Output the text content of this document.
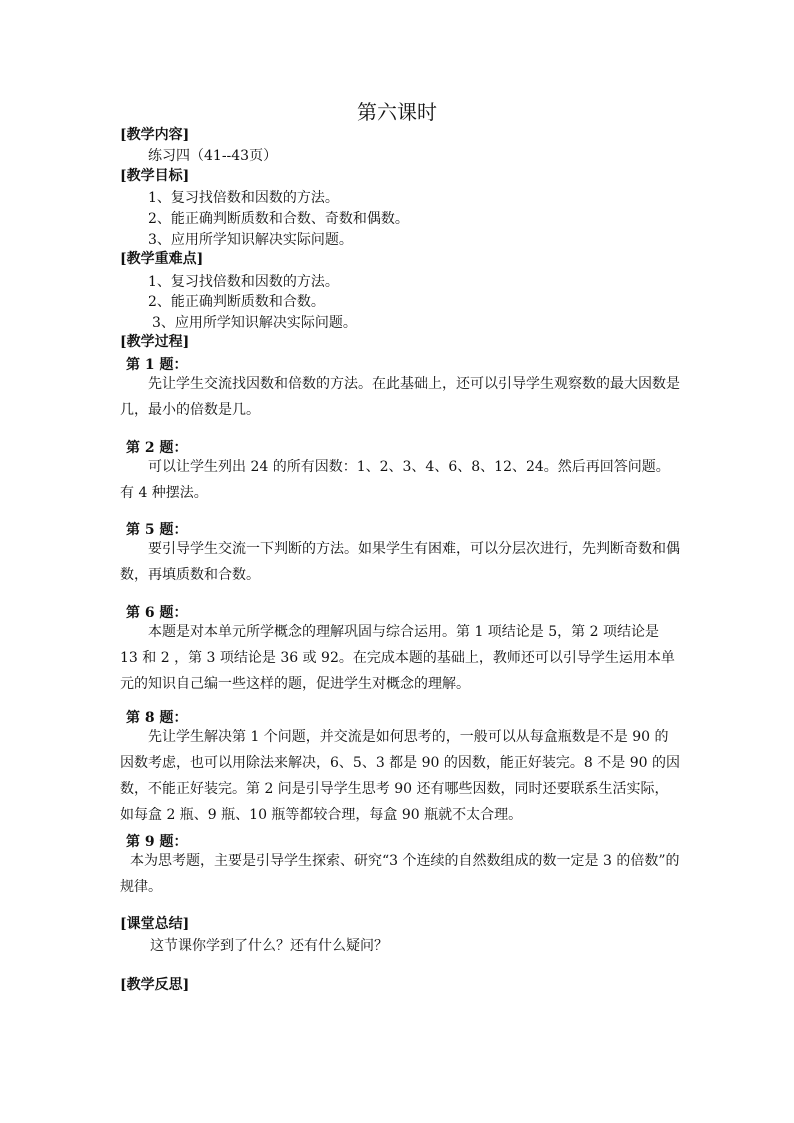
第六课时
[教学内容]
练习四（41--43页）
[教学目标]
1、复习找倍数和因数的方法。
2、能正确判断质数和合数、奇数和偶数。
3、应用所学知识解决实际问题。
[教学重难点]
1、复习找倍数和因数的方法。
2、能正确判断质数和合数。
3、应用所学知识解决实际问题。
[教学过程]
第 1 题：
先让学生交流找因数和倍数的方法。在此基础上，还可以引导学生观察数的最大因数是几，最小的倍数是几。
第 2 题：
可以让学生列出 24 的所有因数：1、2、3、4、6、8、12、24。然后再回答问题。有 4 种摆法。
第 5 题：
要引导学生交流一下判断的方法。如果学生有困难，可以分层次进行，先判断奇数和偶数，再填质数和合数。
第 6 题：
本题是对本单元所学概念的理解巩固与综合运用。第 1 项结论是 5，第 2 项结论是 13 和 2 ，第 3 项结论是 36 或 92。在完成本题的基础上，教师还可以引导学生运用本单元的知识自己编一些这样的题，促进学生对概念的理解。
第 8 题：
先让学生解决第 1 个问题，并交流是如何思考的，一般可以从每盒瓶数是不是 90 的因数考虑，也可以用除法来解决，6、5、3 都是 90 的因数，能正好装完。8 不是 90 的因数，不能正好装完。第 2 问是引导学生思考 90 还有哪些因数，同时还要联系生活实际，如每盒 2 瓶、9 瓶、10 瓶等都较合理，每盒 90 瓶就不太合理。
第 9 题：
本为思考题，主要是引导学生探索、研究“3 个连续的自然数组成的数一定是 3 的倍数”的规律。
[课堂总结]
这节课你学到了什么？还有什么疑问？
[教学反思]
